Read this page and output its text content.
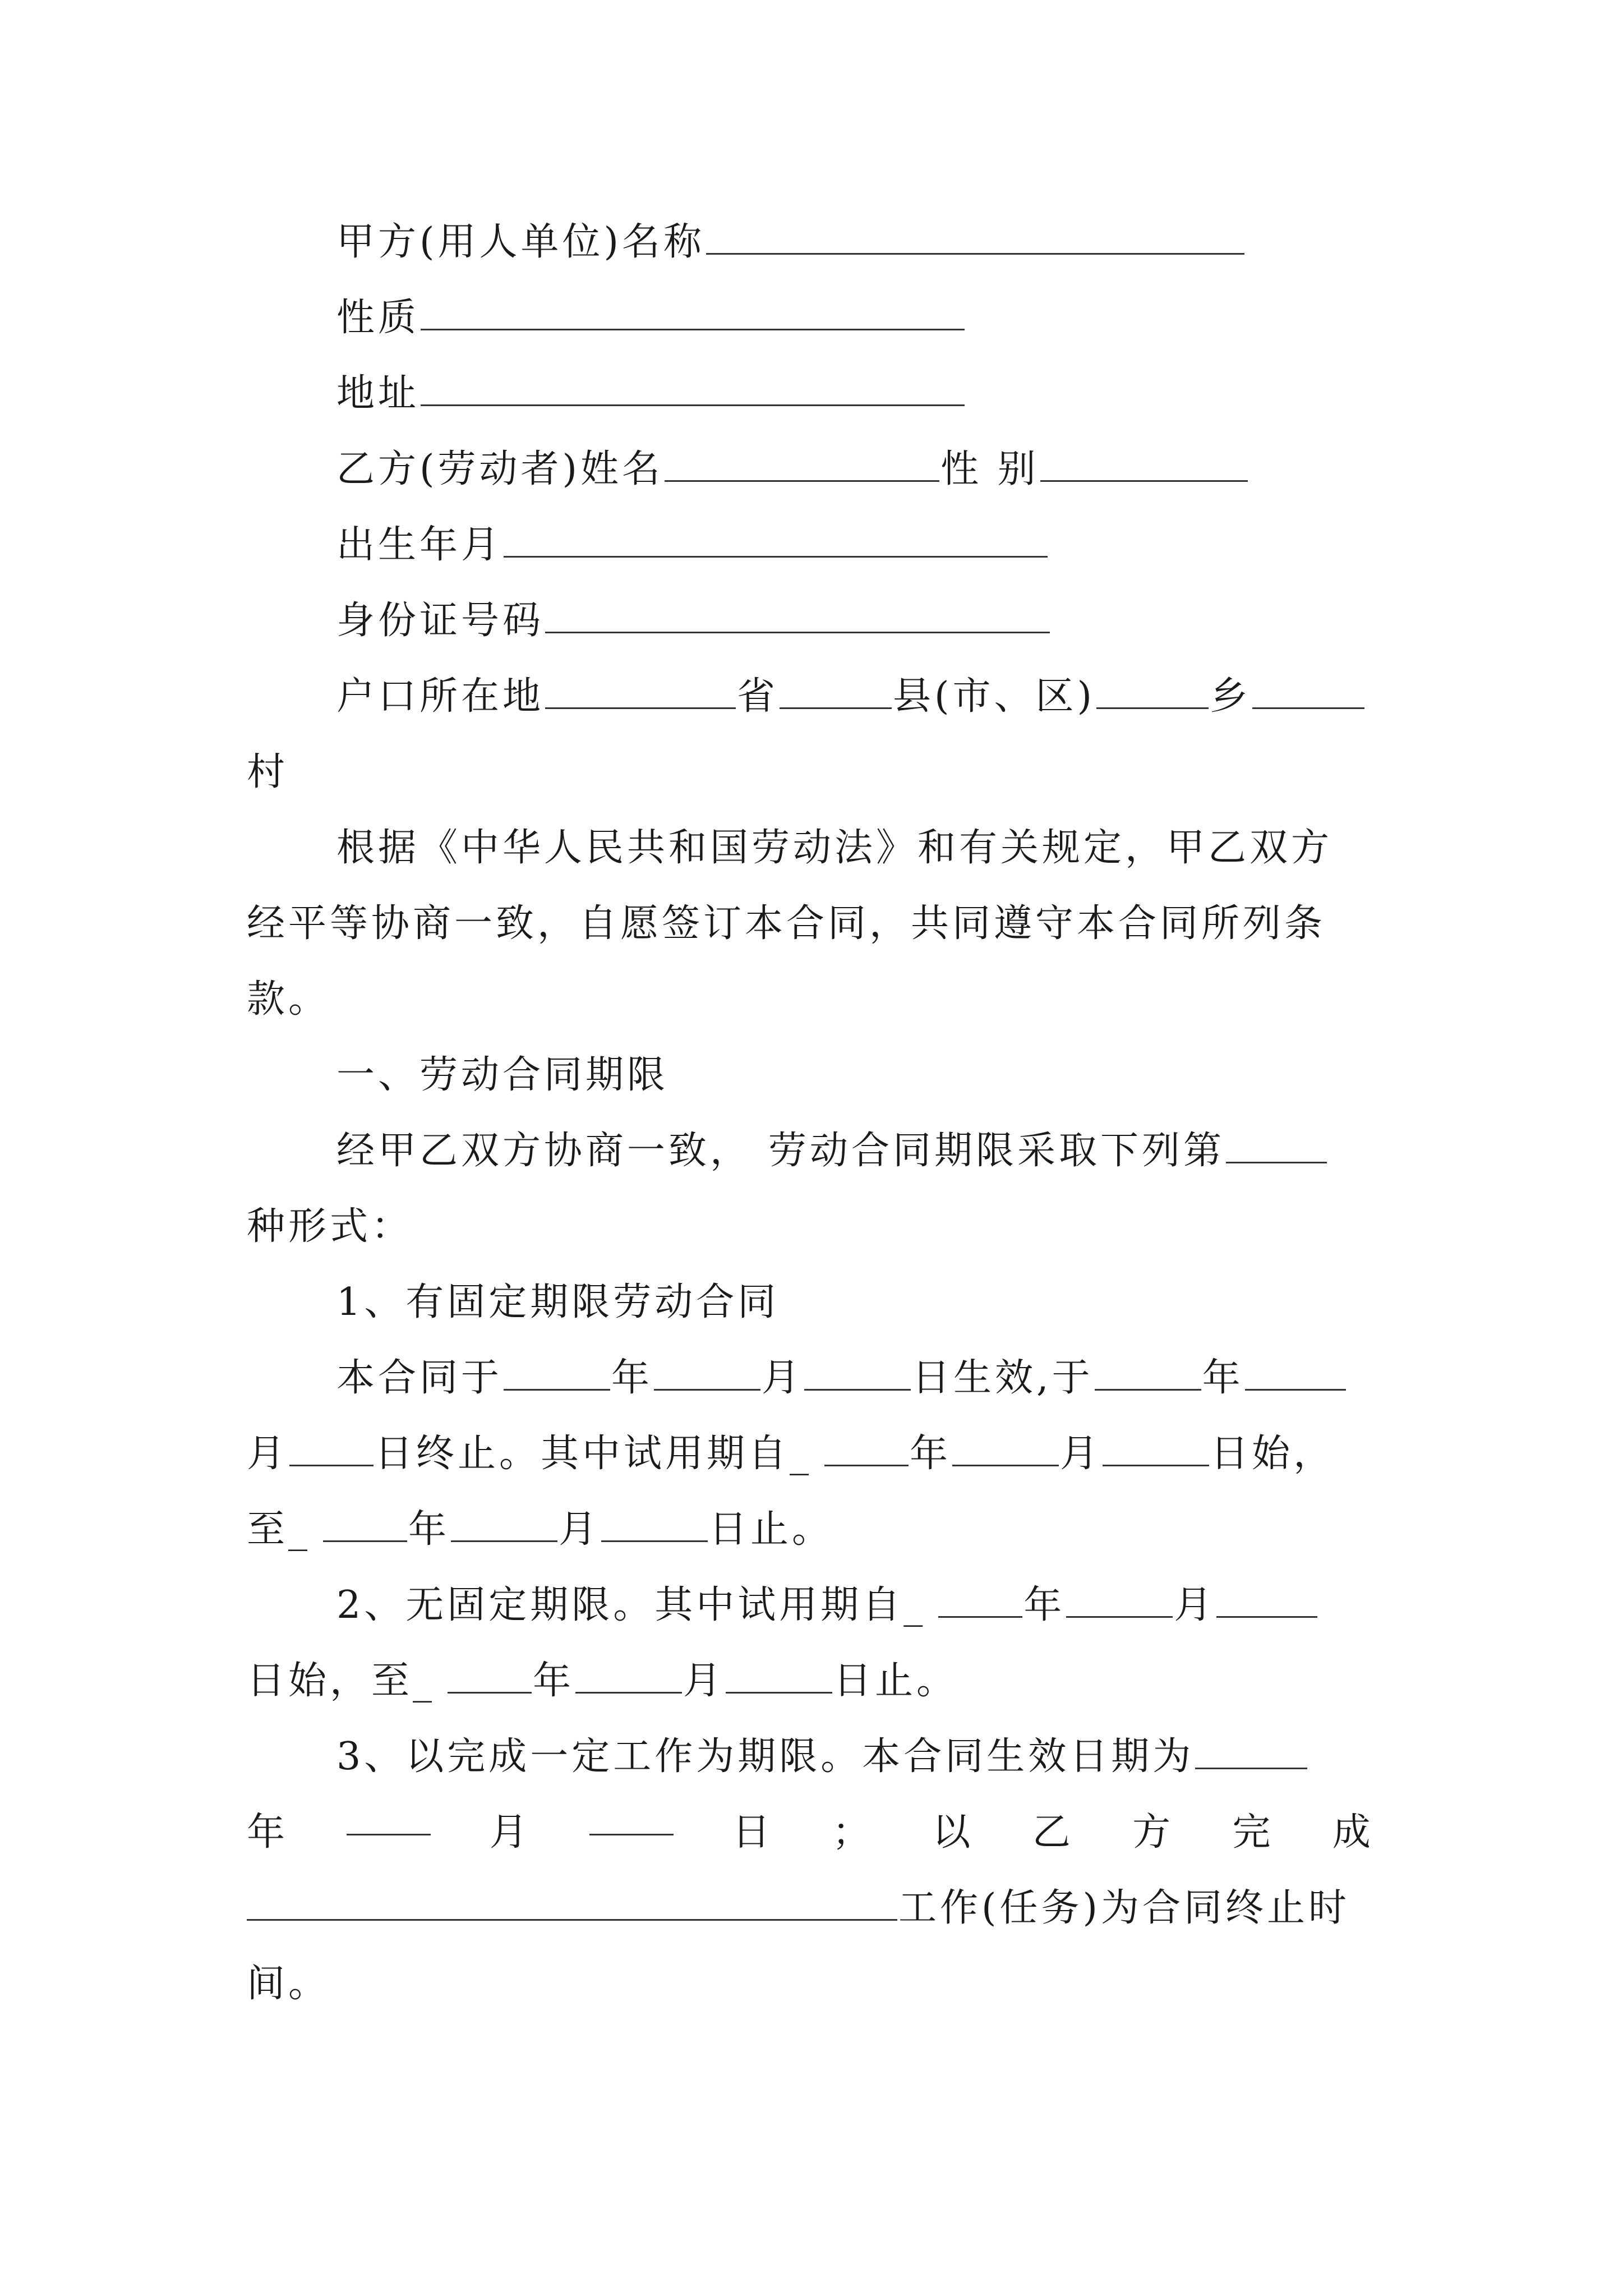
甲方(用人单位)名称
性质
地址
乙方(劳动者)姓名	性 别
出生年月
身份证号码
户口所在地	省	县(市、区)	乡
村
根据《中华人民共和国劳动法》和有关规定，甲乙双方
经平等协商一致，自愿签订本合同，共同遵守本合同所列条
款。
一、劳动合同期限
经甲乙双方协商一致， 劳动合同期限采取下列第
种形式：
1、有固定期限劳动合同
本合同于	年	月	日生效,于	年
月 日终止。其中试用期自_	年	月	日始，
至_	年	月	日止。
2、无固定期限。其中试用期自_	年	月
日始，至_	年	月	日止。
3、以完成一定工作为期限。本合同生效日期为
年	月	日 ； 以 乙 方 完 成
工作(任务)为合同终止时
间。
